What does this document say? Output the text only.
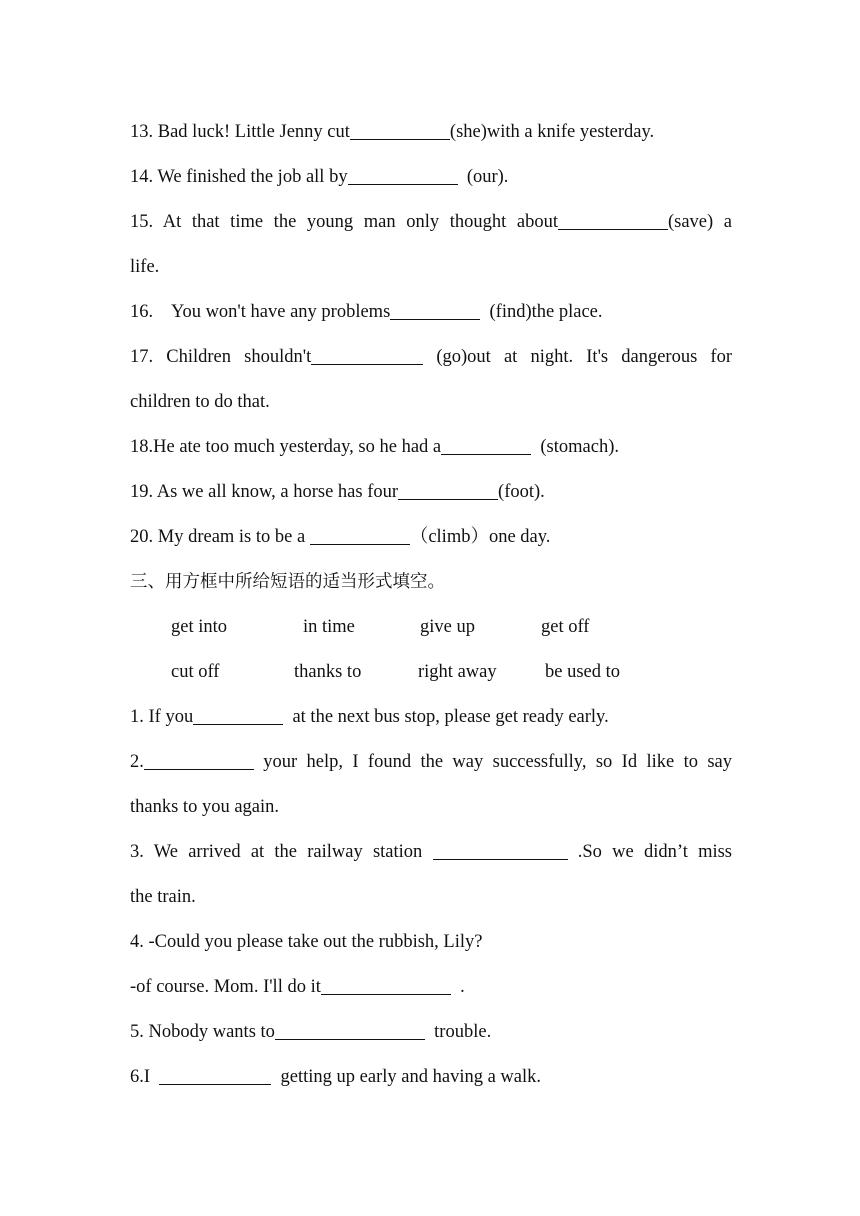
13. Bad luck! Little Jenny cut	(she)with a knife yesterday.
14. We finished the job all by	(our).
15. At that time the young man only thought about	(save) a
life.
16.    You won't have any problems	(find)the place.
17. Children shouldn't	(go)out at night. It's dangerous for
children to do that.
18.He ate too much yesterday, so he had a	(stomach).
19. As we all know, a horse has four	(foot).
20. My dream is to be a	（climb）one day.
三、用方框中所给短语的适当形式填空。
get into	in time	give up	get off
cut off	thanks to	right away	be used to
1. If you	at the next bus stop, please get ready early.
2.	your help, I found the way successfully, so Id like to say
thanks to you again.
3. We arrived at the railway station	.So we didn’t miss
the train.
4. -Could you please take out the rubbish, Lily?
-of course. Mom. I'll do it	.
5. Nobody wants to	trouble.
6.I	getting up early and having a walk.
